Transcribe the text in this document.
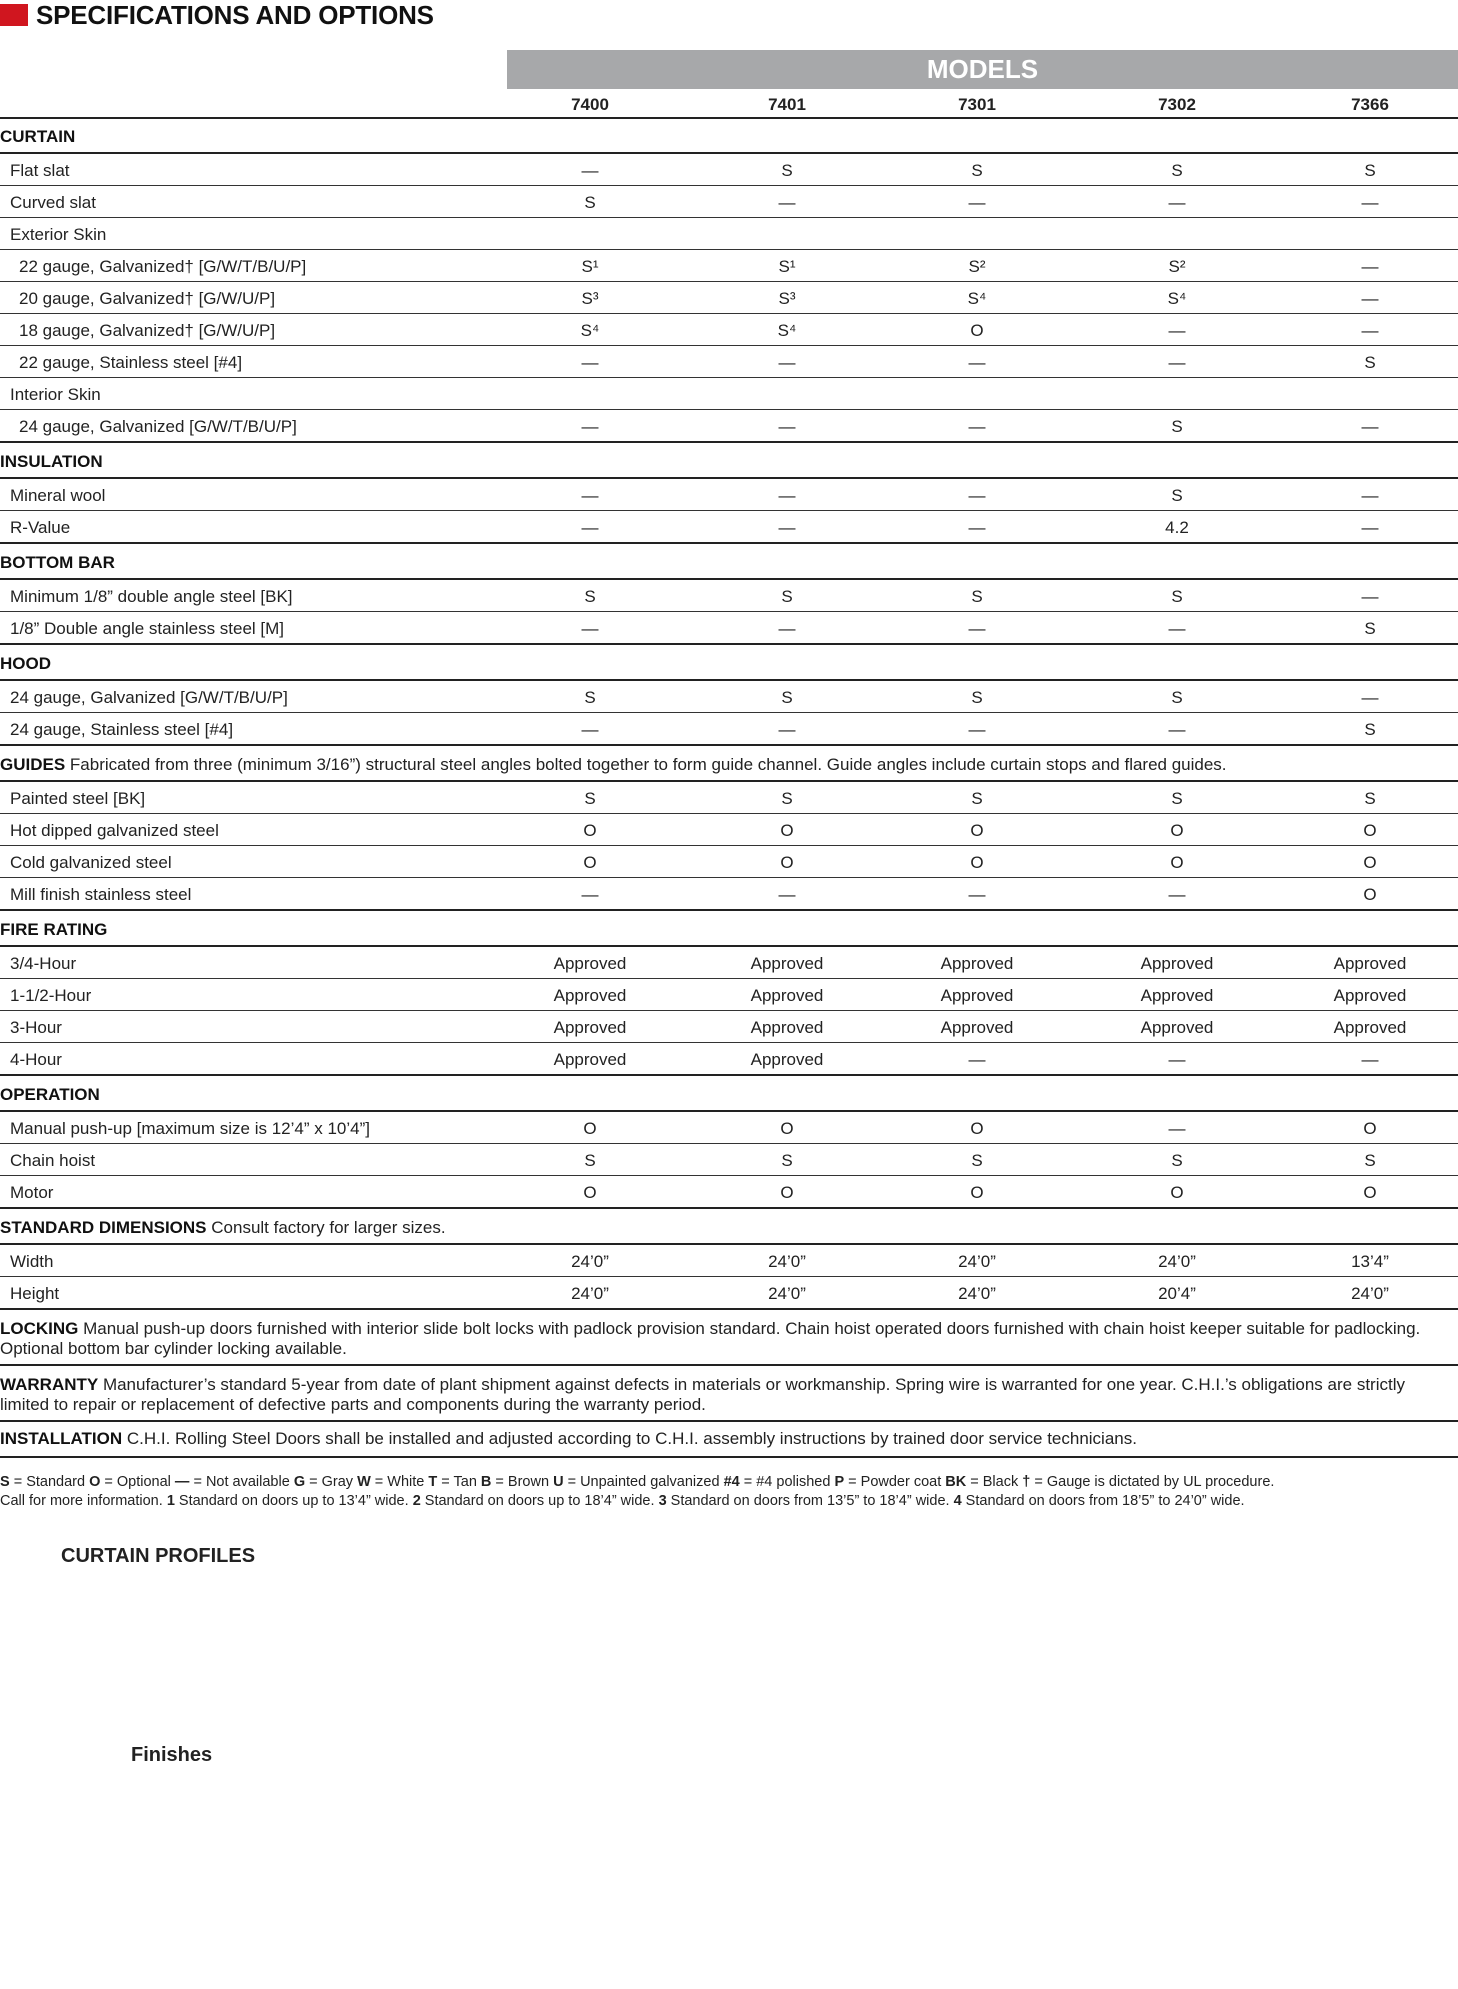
SPECIFICATIONS AND OPTIONS
MODELS
7400	7401	7301	7302	7366
CURTAIN
Flat slat	—	S	S	S	S
Curved slat	S	—	—	—	—
Exterior Skin
22 gauge, Galvanized† [G/W/T/B/U/P]	S¹	S¹	S²	S²	—
20 gauge, Galvanized† [G/W/U/P]	S³	S³	S⁴	S⁴	—
18 gauge, Galvanized† [G/W/U/P]	S⁴	S⁴	O	—	—
22 gauge, Stainless steel [#4]	—	—	—	—	S
Interior Skin
24 gauge, Galvanized [G/W/T/B/U/P]	—	—	—	S	—
INSULATION
Mineral wool	—	—	—	S	—
R-Value	—	—	—	4.2	—
BOTTOM BAR
Minimum 1/8” double angle steel [BK]	S	S	S	S	—
1/8” Double angle stainless steel [M]	—	—	—	—	S
HOOD
24 gauge, Galvanized [G/W/T/B/U/P]	S	S	S	S	—
24 gauge, Stainless steel [#4]	—	—	—	—	S
GUIDES Fabricated from three (minimum 3/16”) structural steel angles bolted together to form guide channel. Guide angles include curtain stops and flared guides.
Painted steel [BK]	S	S	S	S	S
Hot dipped galvanized steel	O	O	O	O	O
Cold galvanized steel	O	O	O	O	O
Mill finish stainless steel	—	—	—	—	O
FIRE RATING
3/4-Hour	Approved	Approved	Approved	Approved	Approved
1-1/2-Hour	Approved	Approved	Approved	Approved	Approved
3-Hour	Approved	Approved	Approved	Approved	Approved
4-Hour	Approved	Approved	—	—	—
OPERATION
Manual push-up [maximum size is 12’4” x 10’4”]	O	O	O	—	O
Chain hoist	S	S	S	S	S
Motor	O	O	O	O	O
STANDARD DIMENSIONS Consult factory for larger sizes.
Width	24’0”	24’0”	24’0”	24’0”	13’4”
Height	24’0”	24’0”	24’0”	20’4”	24’0”
LOCKING Manual push-up doors furnished with interior slide bolt locks with padlock provision standard. Chain hoist operated doors furnished with chain hoist keeper suitable for padlocking. Optional bottom bar cylinder locking available.
WARRANTY Manufacturer’s standard 5-year from date of plant shipment against defects in materials or workmanship. Spring wire is warranted for one year. C.H.I.’s obligations are strictly limited to repair or replacement of defective parts and components during the warranty period.
INSTALLATION C.H.I. Rolling Steel Doors shall be installed and adjusted according to C.H.I. assembly instructions by trained door service technicians.
S = Standard O = Optional — = Not available G = Gray W = White T = Tan B = Brown U = Unpainted galvanized #4 = #4 polished P = Powder coat BK = Black † = Gauge is dictated by UL procedure.
Call for more information. 1 Standard on doors up to 13’4” wide. 2 Standard on doors up to 18’4” wide. 3 Standard on doors from 13’5” to 18’4” wide. 4 Standard on doors from 18’5” to 24’0” wide.
CURTAIN PROFILES
Finishes
